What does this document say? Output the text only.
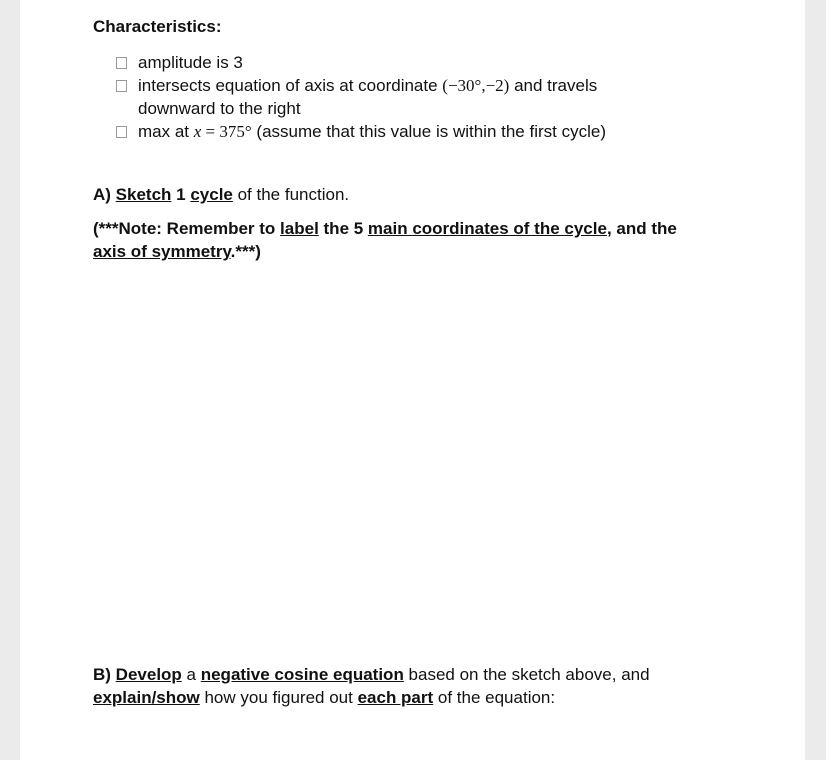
Characteristics:
amplitude is 3
intersects equation of axis at coordinate (−30°,−2) and travels downward to the right
max at x = 375° (assume that this value is within the first cycle)
A) Sketch 1 cycle of the function.
(***Note: Remember to label the 5 main coordinates of the cycle, and the axis of symmetry.***)
B) Develop a negative cosine equation based on the sketch above, and explain/show how you figured out each part of the equation:
